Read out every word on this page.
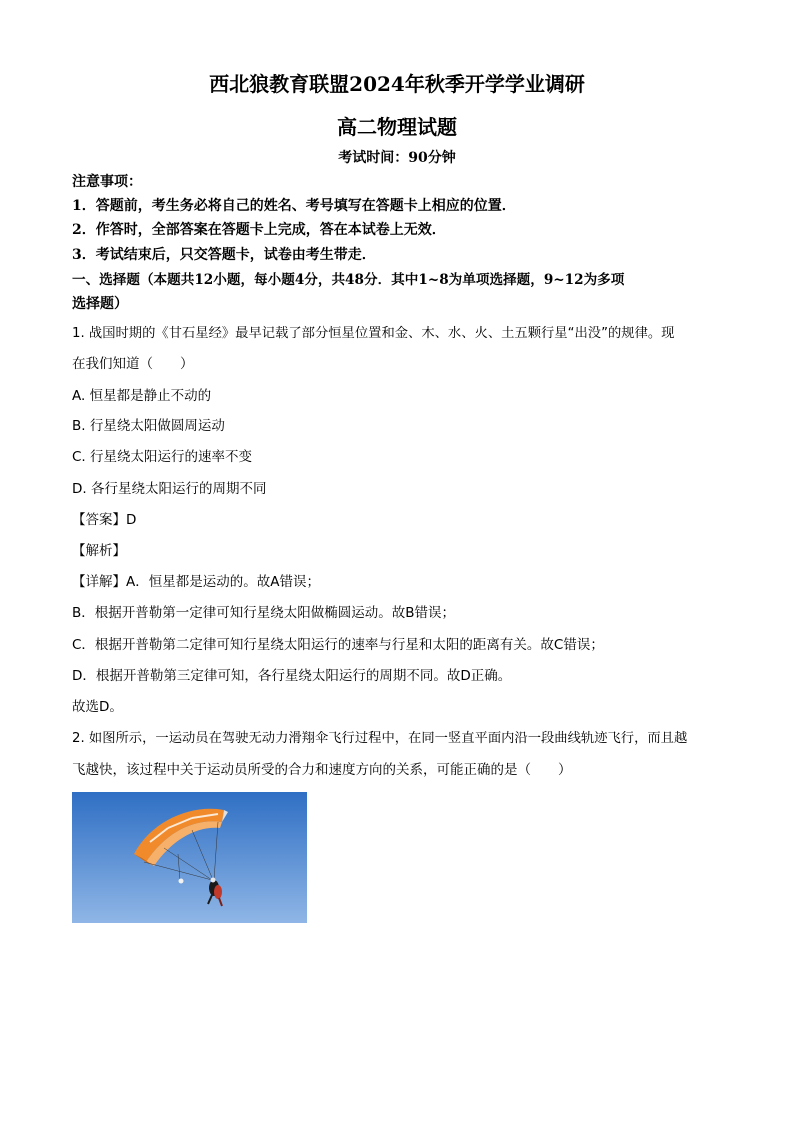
西北狼教育联盟2024年秋季开学学业调研
高二物理试题
考试时间：90分钟
注意事项：
1．答题前，考生务必将自己的姓名、考号填写在答题卡上相应的位置．
2．作答时，全部答案在答题卡上完成，答在本试卷上无效．
3．考试结束后，只交答题卡，试卷由考生带走．
一、选择题（本题共12小题，每小题4分，共48分．其中1~8为单项选择题，9~12为多项
选择题）
1. 战国时期的《甘石星经》最早记载了部分恒星位置和金、木、水、火、土五颗行星“出没”的规律。现
在我们知道（　　）
A. 恒星都是静止不动的
B. 行星绕太阳做圆周运动
C. 行星绕太阳运行的速率不变
D. 各行星绕太阳运行的周期不同
【答案】D
【解析】
【详解】A．恒星都是运动的。故A错误；
B．根据开普勒第一定律可知行星绕太阳做椭圆运动。故B错误；
C．根据开普勒第二定律可知行星绕太阳运行的速率与行星和太阳的距离有关。故C错误；
D．根据开普勒第三定律可知，各行星绕太阳运行的周期不同。故D正确。
故选D。
2. 如图所示，一运动员在驾驶无动力滑翔伞飞行过程中，在同一竖直平面内沿一段曲线轨迹飞行，而且越
飞越快，该过程中关于运动员所受的合力和速度方向的关系，可能正确的是（　　）
